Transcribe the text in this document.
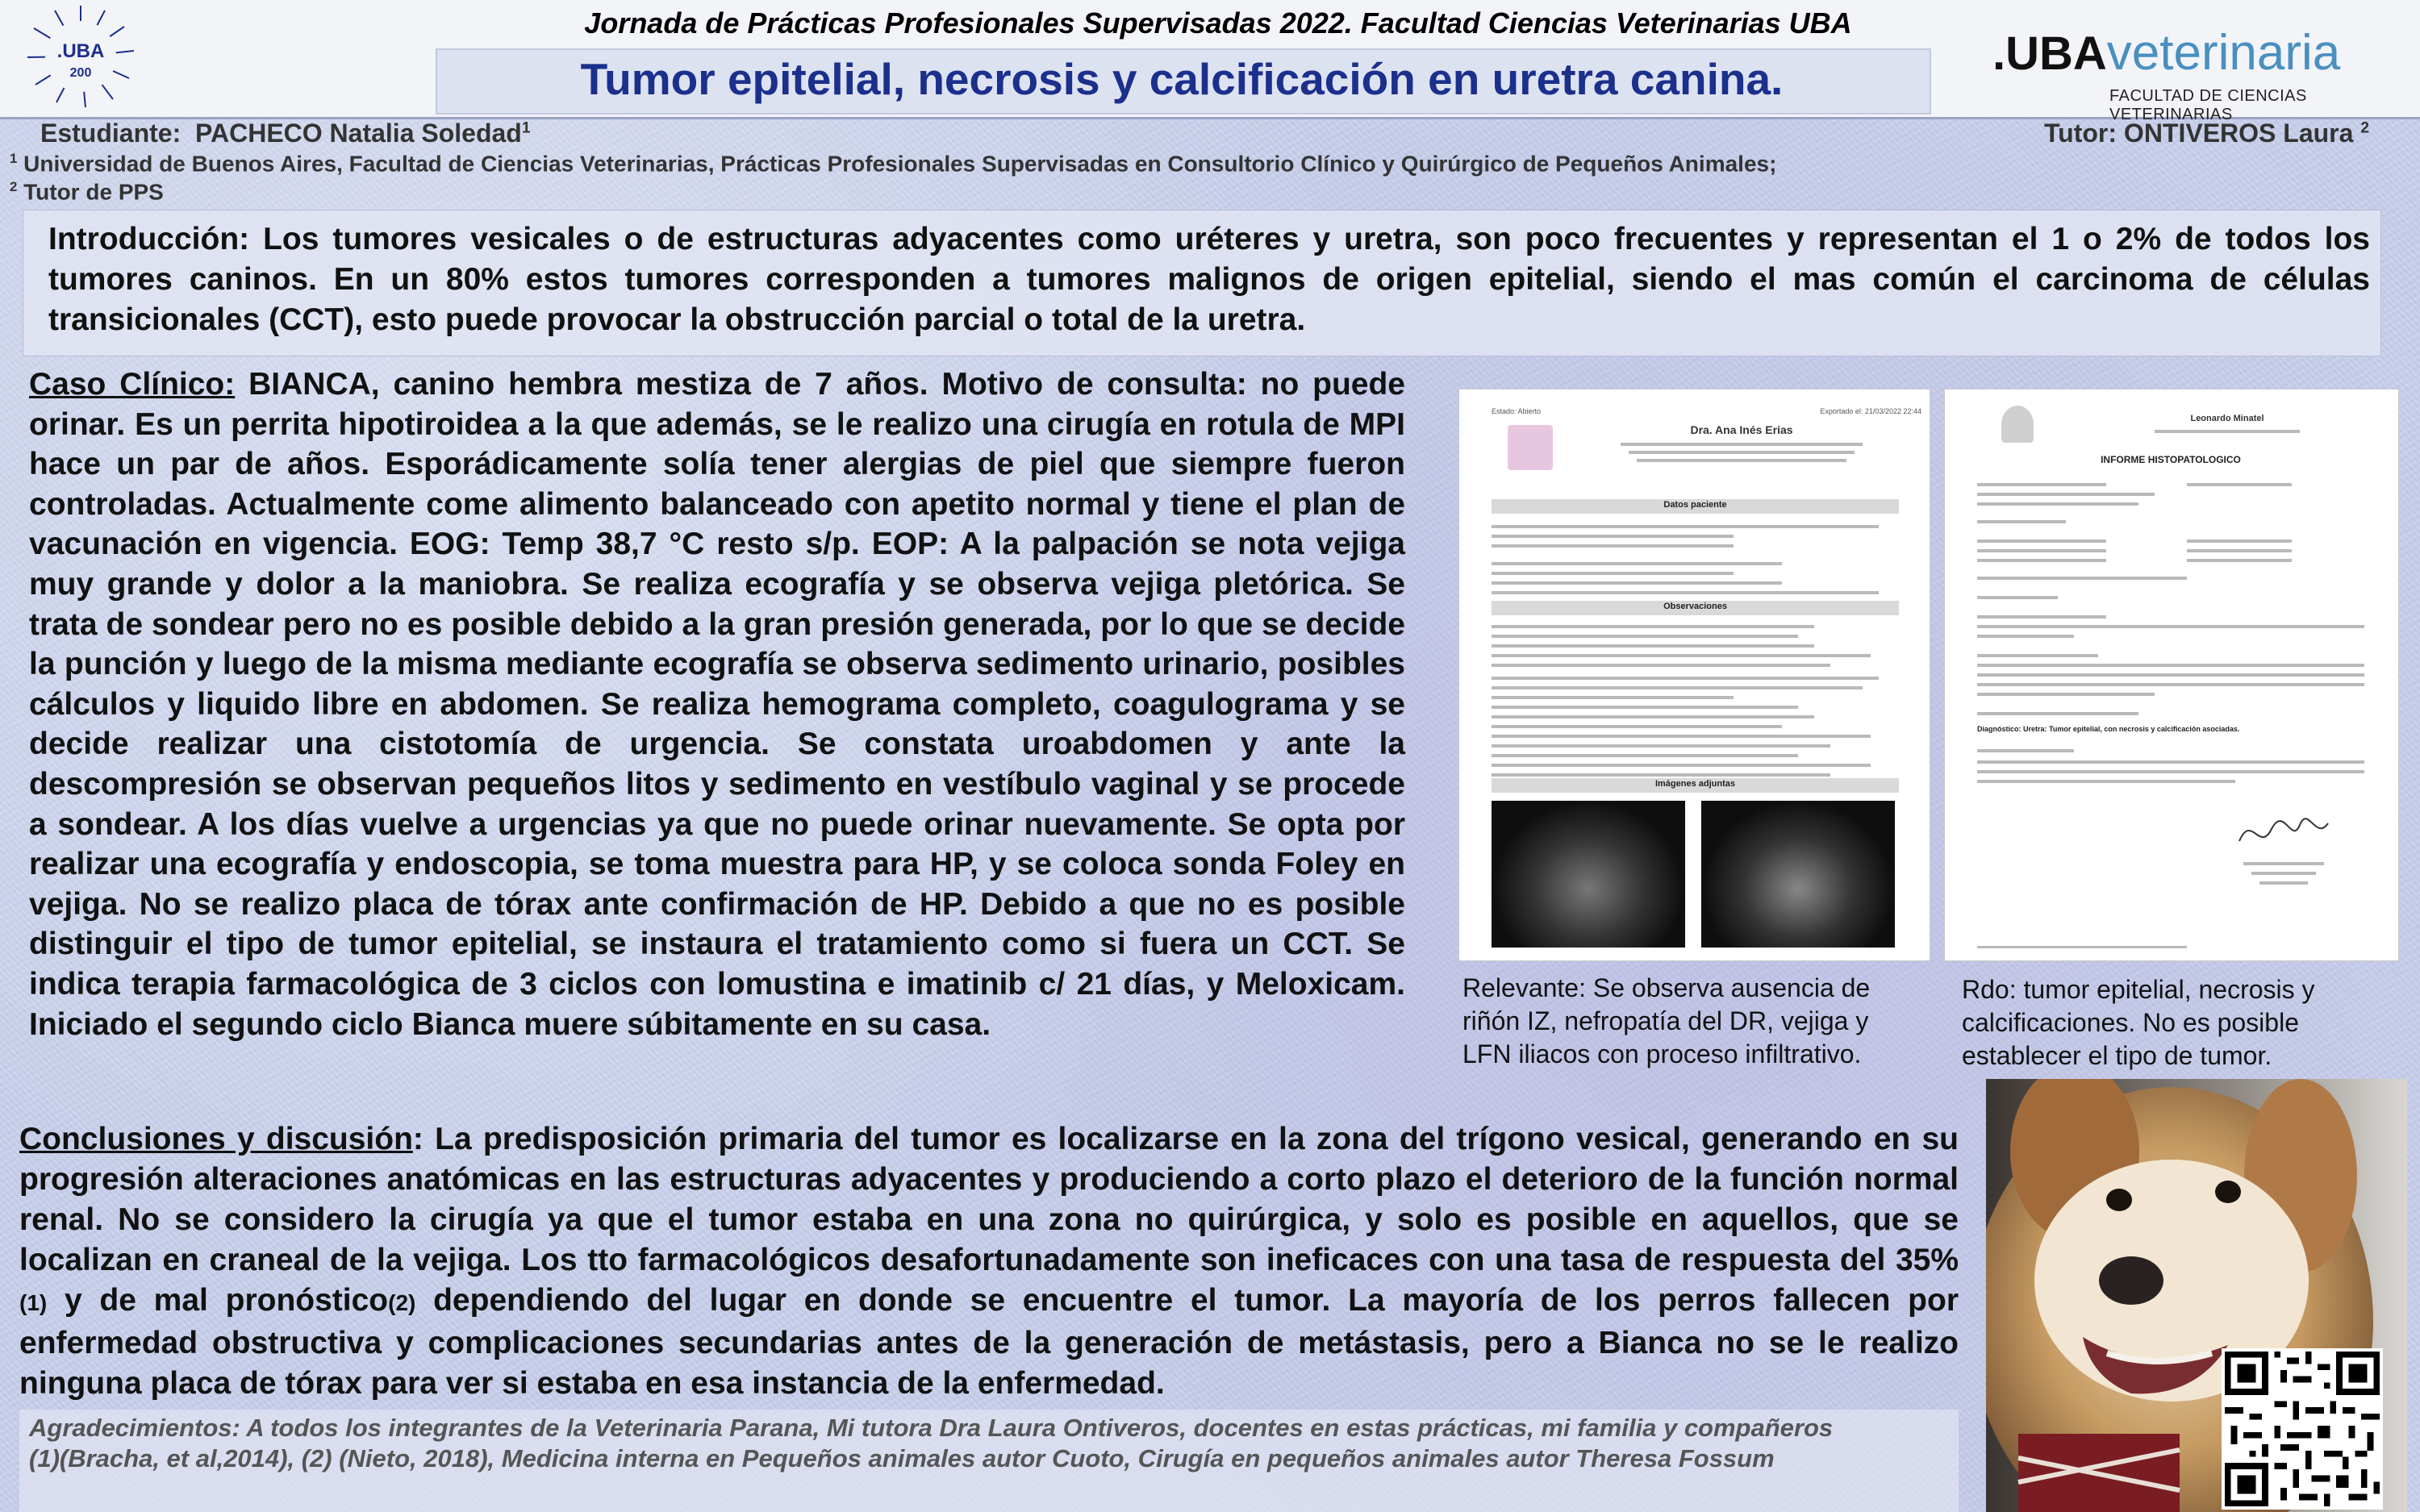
.UBA
200
Jornada de Prácticas Profesionales Supervisadas 2022. Facultad Ciencias Veterinarias UBA
Tumor epitelial, necrosis y calcificación en uretra canina.	.UBAveterinaria
FACULTAD DE CIENCIAS VETERINARIAS
Estudiante: PACHECO Natalia Soledad$^1$	Tutor: ONTIVEROS Laura $^2$
$^1$ Universidad de Buenos Aires, Facultad de Ciencias Veterinarias, Prácticas Profesionales Supervisadas en Consultorio Clínico y Quirúrgico de Pequeños Animales;
$^2$ Tutor de PPS
Introducción: Los tumores vesicales o de estructuras adyacentes como uréteres y uretra, son poco frecuentes y representan el 1 o 2% de todos los tumores caninos. En un 80% estos tumores corresponden a tumores malignos de origen epitelial, siendo el mas común el carcinoma de células transicionales (CCT), esto puede provocar la obstrucción parcial o total de la uretra.
Caso Clínico: BIANCA, canino hembra mestiza de 7 años. Motivo de consulta: no puede orinar. Es un perrita hipotiroidea a la que además, se le realizo una cirugía en rotula de MPI hace un par de años. Esporádicamente solía tener alergias de piel que siempre fueron controladas. Actualmente come alimento balanceado con apetito normal y tiene el plan de vacunación en vigencia. EOG: Temp 38,7 °C resto s/p. EOP: A la palpación se nota vejiga muy grande y dolor a la maniobra. Se realiza ecografía y se observa vejiga pletórica. Se trata de sondear pero no es posible debido a la gran presión generada, por lo que se decide la punción y luego de la misma mediante ecografía se observa sedimento urinario, posibles cálculos y liquido libre en abdomen. Se realiza hemograma completo, coagulograma y se decide realizar una cistotomía de urgencia. Se constata uroabdomen y ante la descompresión se observan pequeños litos y sedimento en vestíbulo vaginal y se procede a sondear. A los días vuelve a urgencias ya que no puede orinar nuevamente. Se opta por realizar una ecografía y endoscopia, se toma muestra para HP, y se coloca sonda Foley en vejiga. No se realizo placa de tórax ante confirmación de HP. Debido a que no es posible distinguir el tipo de tumor epitelial, se instaura el tratamiento como si fuera un CCT. Se indica terapia farmacológica de 3 ciclos con lomustina e imatinib c/ 21 días, y Meloxicam. Iniciado el segundo ciclo Bianca muere súbitamente en su casa.
Estado: Abierto	Exportado el: 21/03/2022 22:44
Dra. Ana Inés Erias
Datos paciente
Observaciones
Imágenes adjuntas
Leonardo Minatel
INFORME HISTOPATOLOGICO
Diagnóstico: Uretra: Tumor epitelial, con necrosis y calcificación asociadas.
Relevante: Se observa ausencia de riñón IZ, nefropatía del DR, vejiga y LFN iliacos con proceso infiltrativo.
Rdo: tumor epitelial, necrosis y calcificaciones. No es posible establecer el tipo de tumor.
Conclusiones y discusión: La predisposición primaria del tumor es localizarse en la zona del trígono vesical, generando en su progresión alteraciones anatómicas en las estructuras adyacentes y produciendo a corto plazo el deterioro de la función normal renal. No se considero la cirugía ya que el tumor estaba en una zona no quirúrgica, y solo es posible en aquellos, que se localizan en craneal de la vejiga. Los tto farmacológicos desafortunadamente son ineficaces con una tasa de respuesta del 35%(1) y de mal pronóstico(2) dependiendo del lugar en donde se encuentre el tumor. La mayoría de los perros fallecen por enfermedad obstructiva y complicaciones secundarias antes de la generación de metástasis, pero a Bianca no se le realizo ninguna placa de tórax para ver si estaba en esa instancia de la enfermedad.
Agradecimientos: A todos los integrantes de la Veterinaria Parana, Mi tutora Dra Laura Ontiveros, docentes en estas prácticas, mi familia y compañeros
(1)(Bracha, et al,2014), (2) (Nieto, 2018), Medicina interna en Pequeños animales autor Cuoto, Cirugía en pequeños animales autor Theresa Fossum
